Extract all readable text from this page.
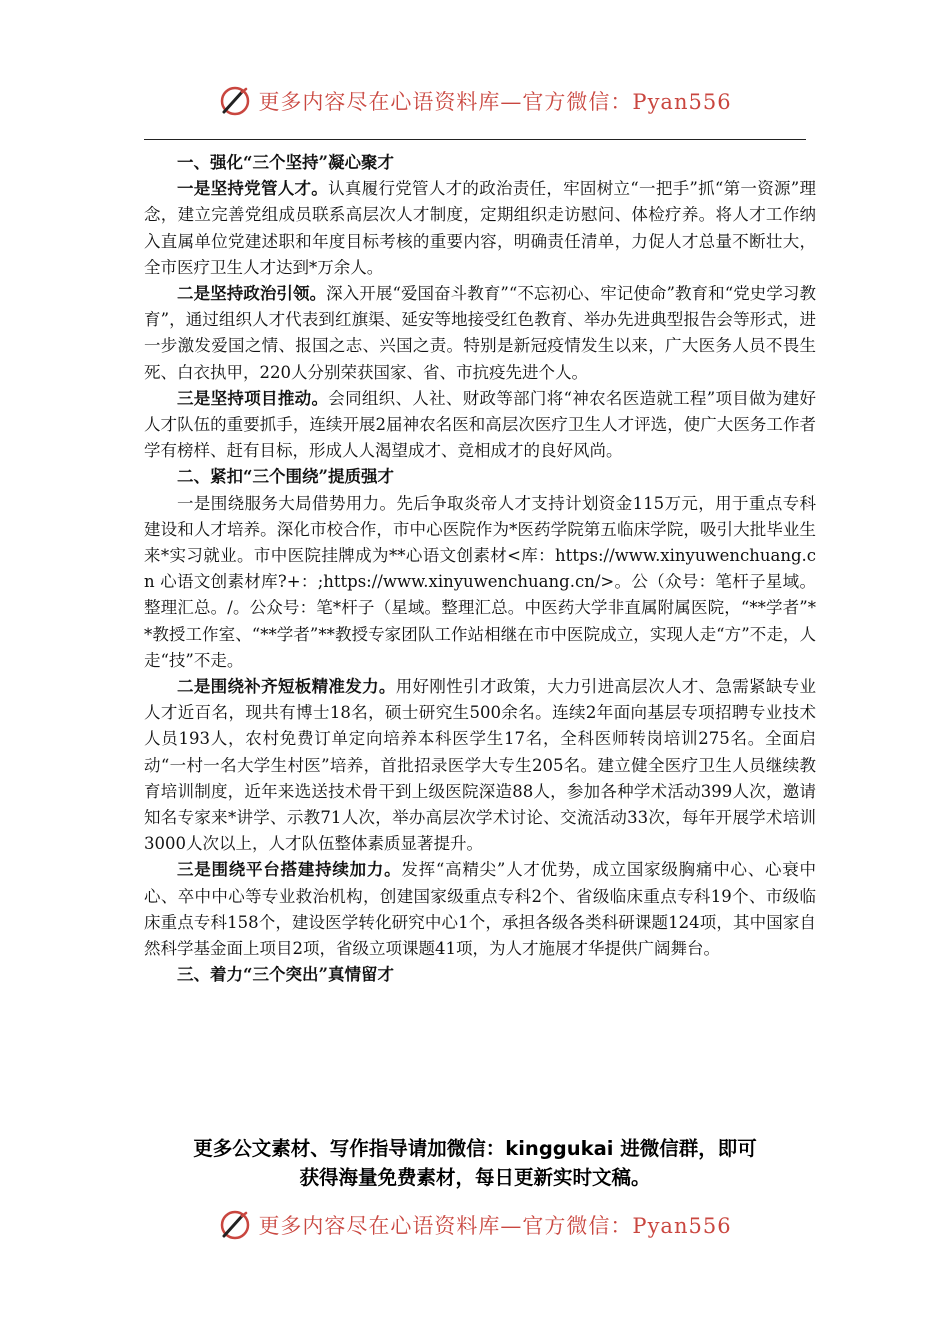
更多内容尽在心语资料库—官方微信：Pyan556

一、强化“三个坚持”凝心聚才

一是坚持党管人才。认真履行党管人才的政治责任，牢固树立“一把手”抓“第一资源”理念，建立完善党组成员联系高层次人才制度，定期组织走访慰问、体检疗养。将人才工作纳入直属单位党建述职和年度目标考核的重要内容，明确责任清单，力促人才总量不断壮大，全市医疗卫生人才达到*万余人。

二是坚持政治引领。深入开展“爱国奋斗教育”“不忘初心、牢记使命”教育和“党史学习教育”，通过组织人才代表到红旗渠、延安等地接受红色教育、举办先进典型报告会等形式，进一步激发爱国之情、报国之志、兴国之责。特别是新冠疫情发生以来，广大医务人员不畏生死、白衣执甲，220人分别荣获国家、省、市抗疫先进个人。

三是坚持项目推动。会同组织、人社、财政等部门将“神农名医造就工程”项目做为建好人才队伍的重要抓手，连续开展2届神农名医和高层次医疗卫生人才评选，使广大医务工作者学有榜样、赶有目标，形成人人渴望成才、竞相成才的良好风尚。

二、紧扣“三个围绕”提质强才

一是围绕服务大局借势用力。先后争取炎帝人才支持计划资金115万元，用于重点专科建设和人才培养。深化市校合作，市中心医院作为*医药学院第五临床学院，吸引大批毕业生来*实习就业。市中医院挂牌成为**心语文创素材<库：https://www.xinyuwenchuang.cn 心语文创素材库?+：;https://www.xinyuwenchuang.cn/>。公（众号：笔杆子星域。整理汇总。/。公众号：笔*杆子（星域。整理汇总。中医药大学非直属附属医院，“**学者”**教授工作室、“**学者”**教授专家团队工作站相继在市中医院成立，实现人走“方”不走，人走“技”不走。

二是围绕补齐短板精准发力。用好刚性引才政策，大力引进高层次人才、急需紧缺专业人才近百名，现共有博士18名，硕士研究生500余名。连续2年面向基层专项招聘专业技术人员193人，农村免费订单定向培养本科医学生17名，全科医师转岗培训275名。全面启动“一村一名大学生村医”培养，首批招录医学大专生205名。建立健全医疗卫生人员继续教育培训制度，近年来选送技术骨干到上级医院深造88人，参加各种学术活动399人次，邀请知名专家来*讲学、示教71人次，举办高层次学术讨论、交流活动33次，每年开展学术培训3000人次以上，人才队伍整体素质显著提升。

三是围绕平台搭建持续加力。发挥“高精尖”人才优势，成立国家级胸痛中心、心衰中心、卒中中心等专业救治机构，创建国家级重点专科2个、省级临床重点专科19个、市级临床重点专科158个，建设医学转化研究中心1个，承担各级各类科研课题124项，其中国家自然科学基金面上项目2项，省级立项课题41项，为人才施展才华提供广阔舞台。

三、着力“三个突出”真情留才

更多公文素材、写作指导请加微信：kinggukai 进微信群，即可
获得海量免费素材，每日更新实时文稿。
更多内容尽在心语资料库—官方微信：Pyan556
